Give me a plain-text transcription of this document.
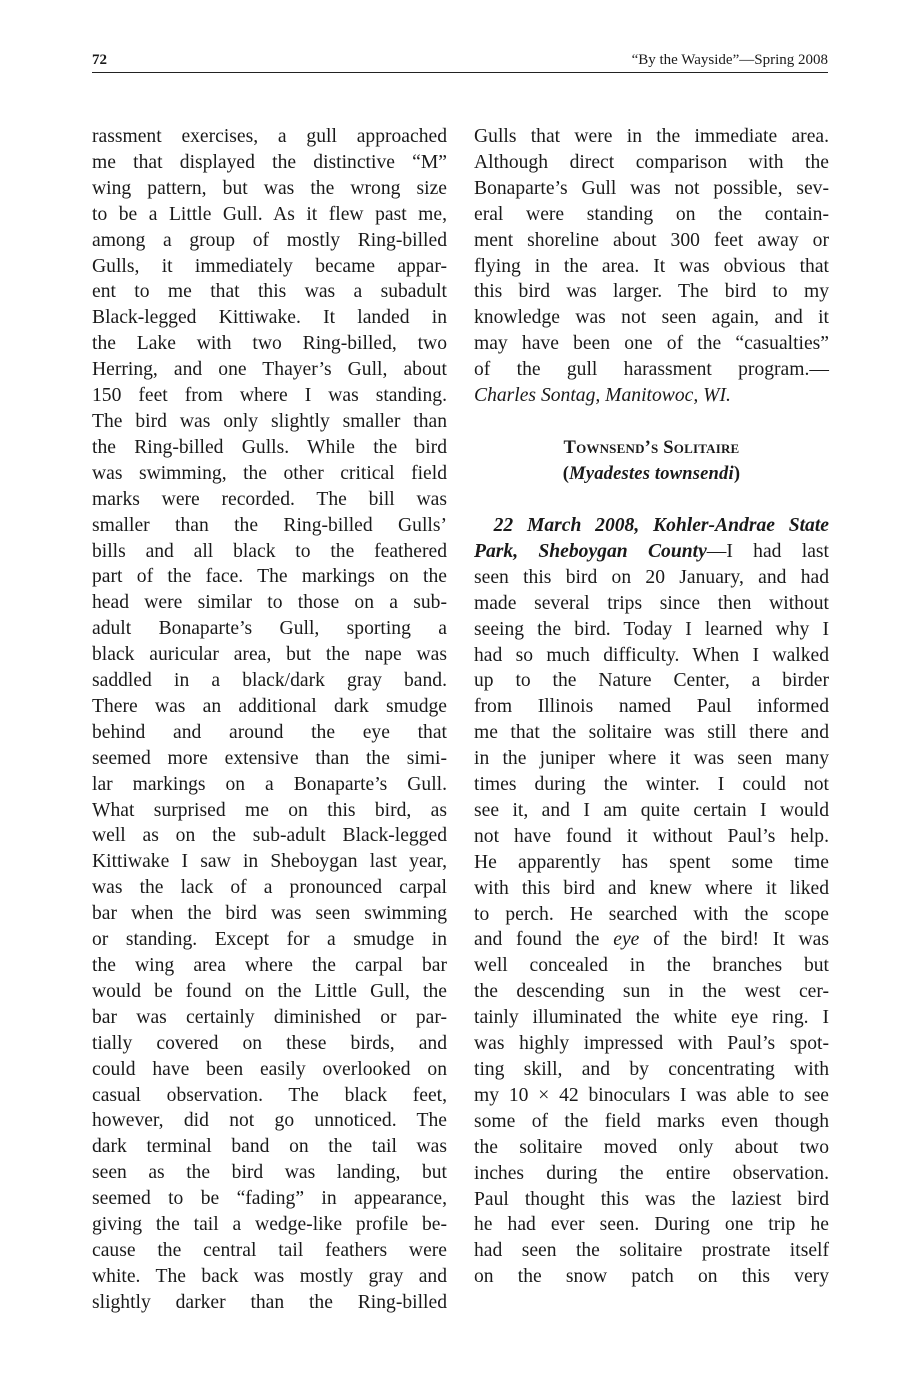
72	“By the Wayside”—Spring 2008

rassment exercises, a gull approached
me that displayed the distinctive “M”
wing pattern, but was the wrong size
to be a Little Gull. As it flew past me,
among a group of mostly Ring-billed
Gulls, it immediately became appar-
ent to me that this was a subadult
Black-legged Kittiwake. It landed in
the Lake with two Ring-billed, two
Herring, and one Thayer’s Gull, about
150 feet from where I was standing.
The bird was only slightly smaller than
the Ring-billed Gulls. While the bird
was swimming, the other critical field
marks were recorded. The bill was
smaller than the Ring-billed Gulls’
bills and all black to the feathered
part of the face. The markings on the
head were similar to those on a sub-
adult Bonaparte’s Gull, sporting a
black auricular area, but the nape was
saddled in a black/dark gray band.
There was an additional dark smudge
behind and around the eye that
seemed more extensive than the simi-
lar markings on a Bonaparte’s Gull.
What surprised me on this bird, as
well as on the sub-adult Black-legged
Kittiwake I saw in Sheboygan last year,
was the lack of a pronounced carpal
bar when the bird was seen swimming
or standing. Except for a smudge in
the wing area where the carpal bar
would be found on the Little Gull, the
bar was certainly diminished or par-
tially covered on these birds, and
could have been easily overlooked on
casual observation. The black feet,
however, did not go unnoticed. The
dark terminal band on the tail was
seen as the bird was landing, but
seemed to be “fading” in appearance,
giving the tail a wedge-like profile be-
cause the central tail feathers were
white. The back was mostly gray and
slightly darker than the Ring-billed

Gulls that were in the immediate area.
Although direct comparison with the
Bonaparte’s Gull was not possible, sev-
eral were standing on the contain-
ment shoreline about 300 feet away or
flying in the area. It was obvious that
this bird was larger. The bird to my
knowledge was not seen again, and it
may have been one of the “casualties”
of the gull harassment program.—
Charles Sontag, Manitowoc, WI.

Townsend’s Solitaire
(Myadestes townsendi)

 22 March 2008, Kohler-Andrae State
Park, Sheboygan County—I had last
seen this bird on 20 January, and had
made several trips since then without
seeing the bird. Today I learned why I
had so much difficulty. When I walked
up to the Nature Center, a birder
from Illinois named Paul informed
me that the solitaire was still there and
in the juniper where it was seen many
times during the winter. I could not
see it, and I am quite certain I would
not have found it without Paul’s help.
He apparently has spent some time
with this bird and knew where it liked
to perch. He searched with the scope
and found the eye of the bird! It was
well concealed in the branches but
the descending sun in the west cer-
tainly illuminated the white eye ring. I
was highly impressed with Paul’s spot-
ting skill, and by concentrating with
my 10 × 42 binoculars I was able to see
some of the field marks even though
the solitaire moved only about two
inches during the entire observation.
Paul thought this was the laziest bird
he had ever seen. During one trip he
had seen the solitaire prostrate itself
on the snow patch on this very
